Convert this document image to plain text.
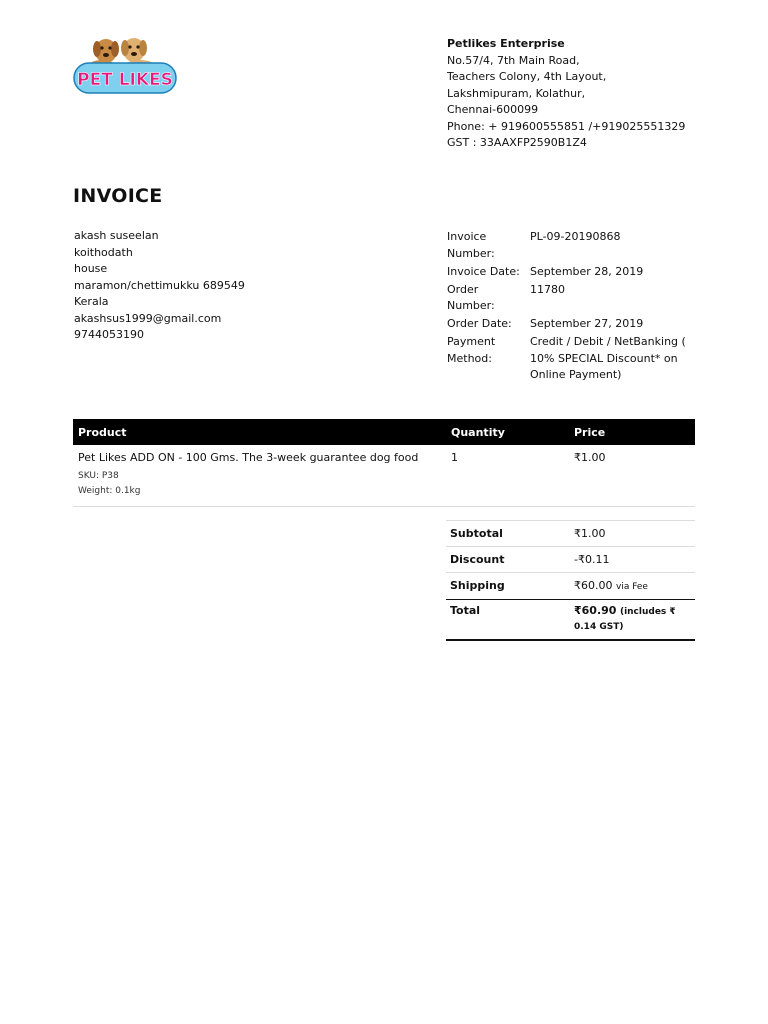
PET LIKES
Petlikes Enterprise
No.57/4, 7th Main Road,
Teachers Colony, 4th Layout,
Lakshmipuram, Kolathur,
Chennai-600099
Phone: + 919600555851 /+919025551329
GST : 33AAXFP2590B1Z4
INVOICE
akash suseelan
koithodath
house
maramon/chettimukku 689549
Kerala
akashsus1999@gmail.com
9744053190
Invoice Number:	PL-09-20190868
Invoice Date:	September 28, 2019
Order Number:	11780
Order Date:	September 27, 2019
Payment Method:	Credit / Debit / NetBanking ( 10% SPECIAL Discount* on Online Payment)
Product	Quantity	Price
Pet Likes ADD ON - 100 Gms. The 3-week guarantee dog food
SKU: P38
Weight: 0.1kg
1	₹1.00
Subtotal	₹1.00
Discount	-₹0.11
Shipping	₹60.00 via Fee
Total	₹60.90 (includes ₹ 0.14 GST)
